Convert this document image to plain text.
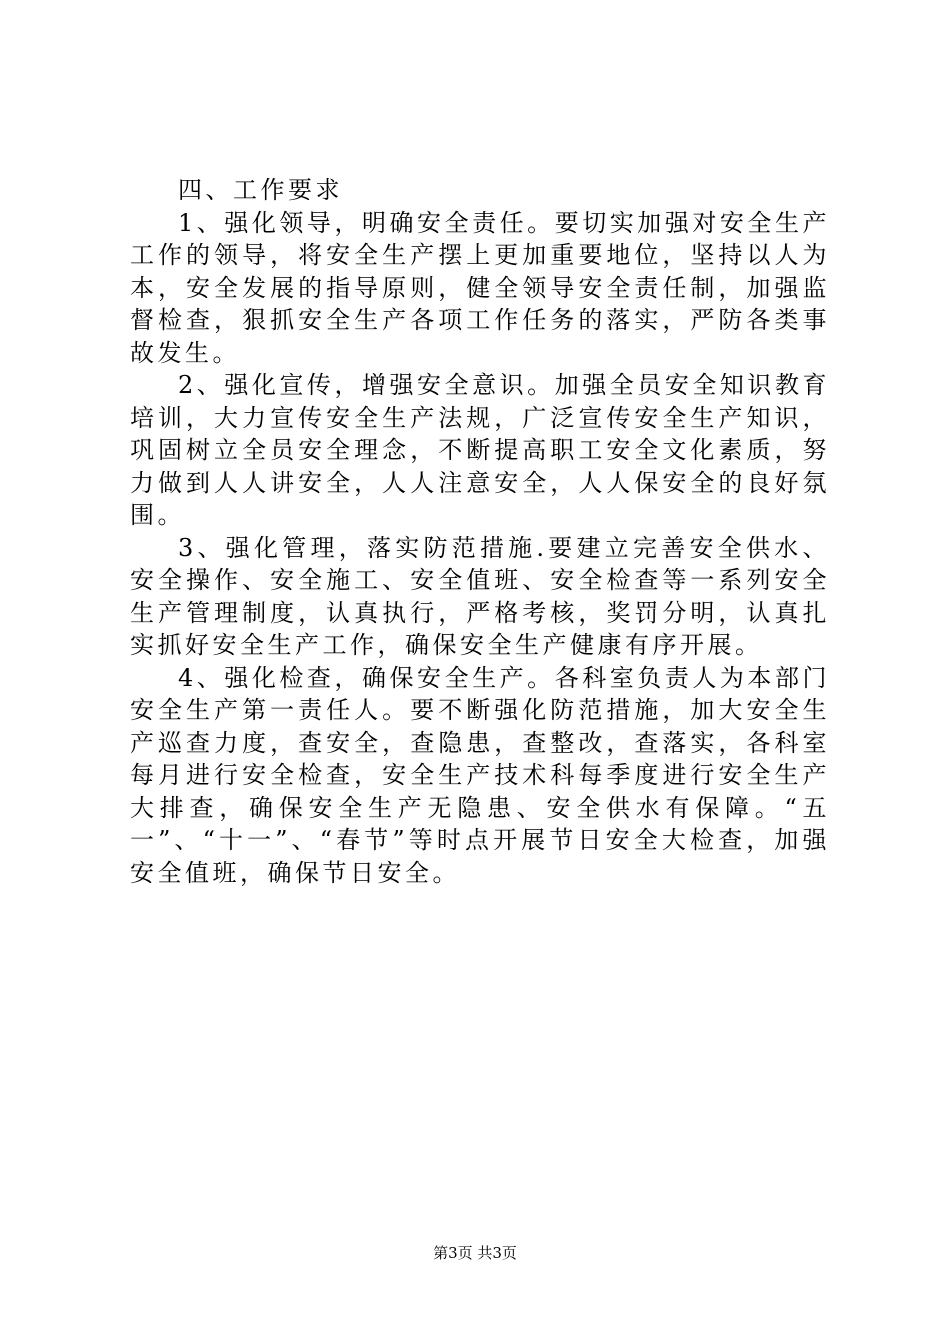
四、工作要求

1、强化领导，明确安全责任。要切实加强对安全生产工作的领导，将安全生产摆上更加重要地位，坚持以人为本，安全发展的指导原则，健全领导安全责任制，加强监督检查，狠抓安全生产各项工作任务的落实，严防各类事故发生。

2、强化宣传，增强安全意识。加强全员安全知识教育培训，大力宣传安全生产法规，广泛宣传安全生产知识，巩固树立全员安全理念，不断提高职工安全文化素质，努力做到人人讲安全，人人注意安全，人人保安全的良好氛围。

3、强化管理，落实防范措施.要建立完善安全供水、安全操作、安全施工、安全值班、安全检查等一系列安全生产管理制度，认真执行，严格考核，奖罚分明，认真扎实抓好安全生产工作，确保安全生产健康有序开展。

4、强化检查，确保安全生产。各科室负责人为本部门安全生产第一责任人。要不断强化防范措施，加大安全生产巡查力度，查安全，查隐患，查整改，查落实，各科室每月进行安全检查，安全生产技术科每季度进行安全生产大排查，确保安全生产无隐患、安全供水有保障。“五一”、“十一”、“春节”等时点开展节日安全大检查，加强安全值班，确保节日安全。

第3页 共3页
